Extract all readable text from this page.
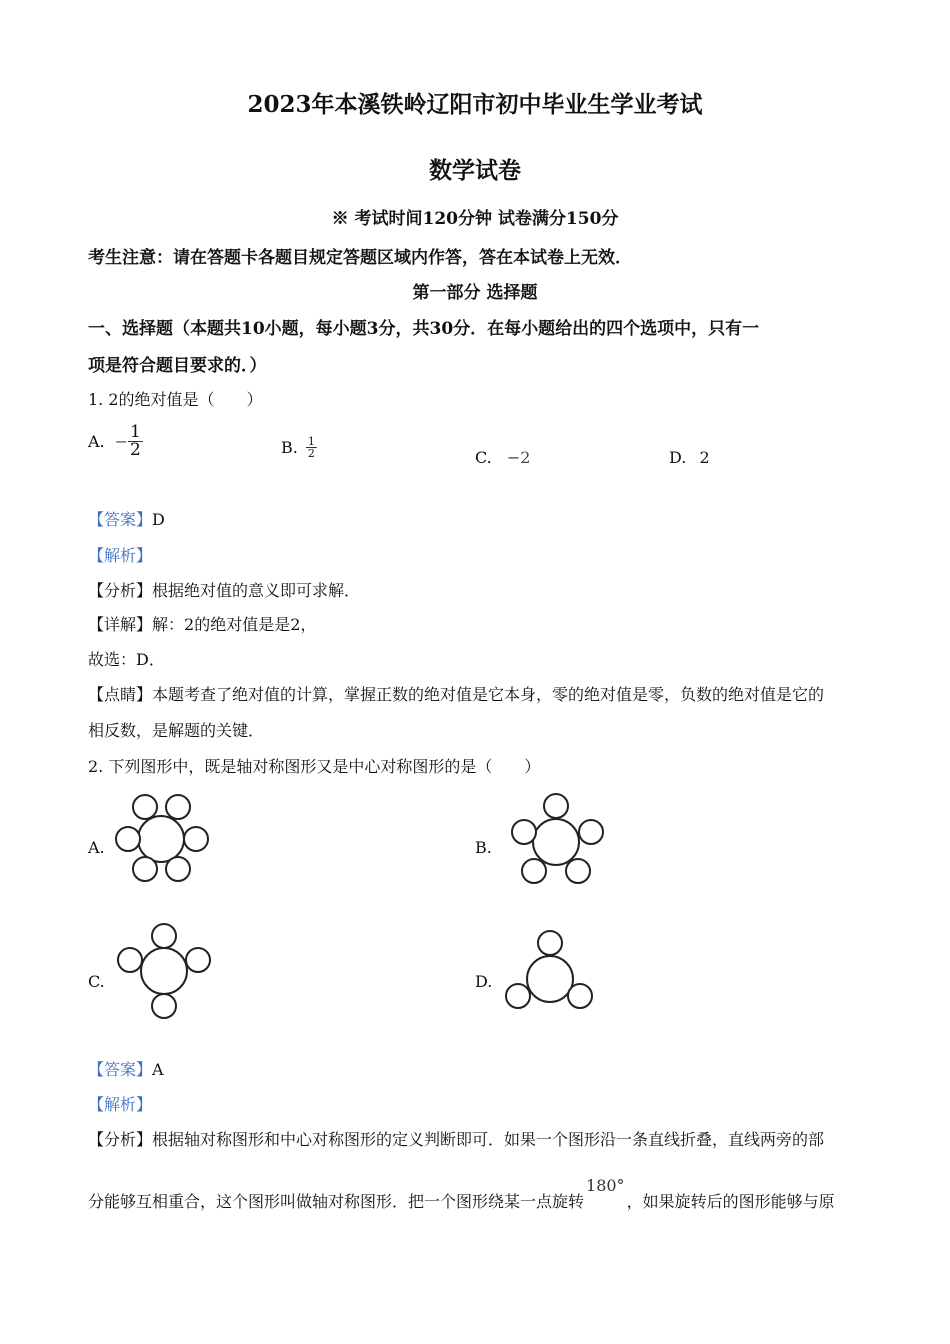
2023年本溪铁岭辽阳市初中毕业生学业考试
数学试卷
※ 考试时间120分钟 试卷满分150分
考生注意：请在答题卡各题目规定答题区域内作答，答在本试卷上无效．
第一部分 选择题
一、选择题（本题共10小题，每小题3分，共30分．在每小题给出的四个选项中，只有一
项是符合题目要求的．）
1. 2的绝对值是（　　）
A. − $\frac{1}{2}$	B. $\frac{1}{2}$	C. −2	D. 2
【答案】D
【解析】
【分析】根据绝对值的意义即可求解．
【详解】解：2的绝对值是是2，
故选：D．
【点睛】本题考查了绝对值的计算，掌握正数的绝对值是它本身，零的绝对值是零，负数的绝对值是它的
相反数，是解题的关键．
2. 下列图形中，既是轴对称图形又是中心对称图形的是（　　）
A.	B.
C.	D.
【答案】A
【解析】
【分析】根据轴对称图形和中心对称图形的定义判断即可．如果一个图形沿一条直线折叠，直线两旁的部
分能够互相重合，这个图形叫做轴对称图形．把一个图形绕某一点旋转180°，如果旋转后的图形能够与原
